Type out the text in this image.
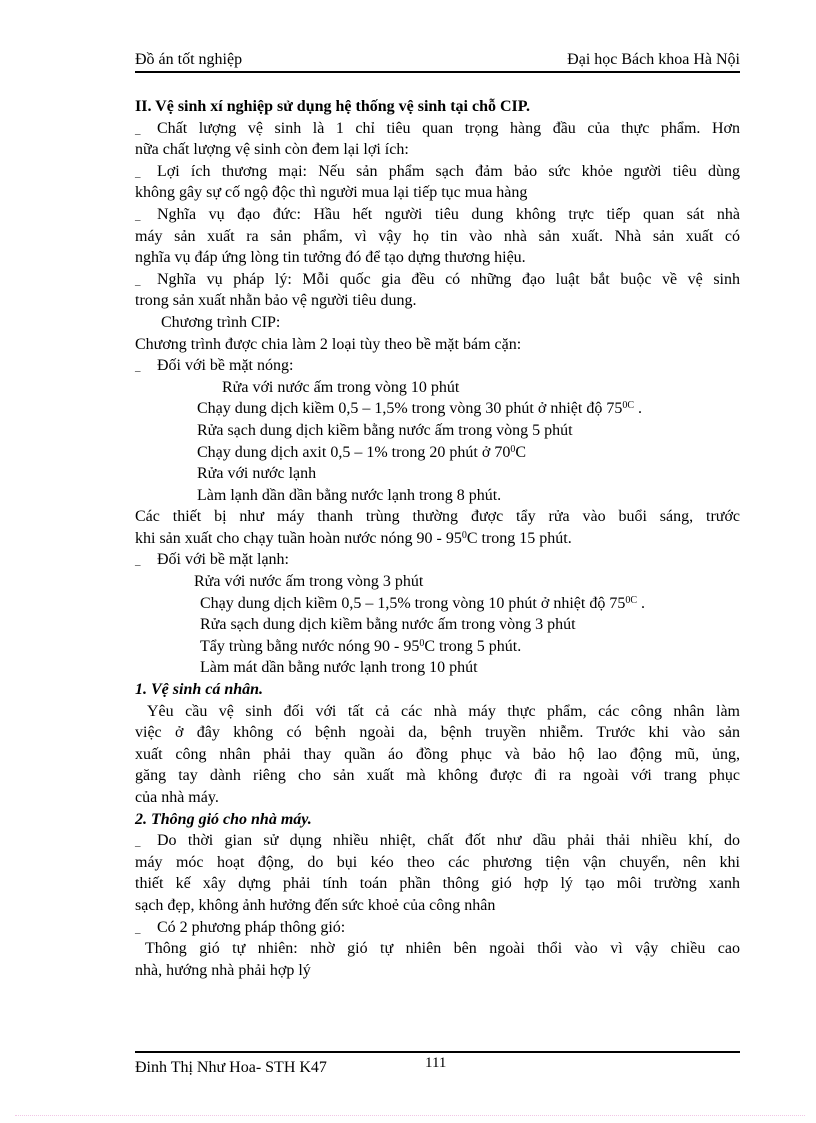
Đồ án tốt nghiệp	Đại học Bách khoa Hà Nội
II. Vệ sinh xí nghiệp sử dụng hệ thống vệ sinh tại chỗ CIP.
_ Chất lượng vệ sinh là 1 chỉ tiêu quan trọng hàng đầu của thực phẩm. Hơn
nữa chất lượng vệ sinh còn đem lại lợi ích:
_ Lợi ích thương mại: Nếu sản phẩm sạch đảm bảo sức khỏe người tiêu dùng
không gây sự cố ngộ độc thì người mua lại tiếp tục mua hàng
_ Nghĩa vụ đạo đức: Hầu hết người tiêu dung không trực tiếp quan sát nhà
máy sản xuất ra sản phẩm, vì vậy họ tin vào nhà sản xuất. Nhà sản xuất có
nghĩa vụ đáp ứng lòng tin tưởng đó để tạo dựng thương hiệu.
_ Nghĩa vụ pháp lý: Mỗi quốc gia đều có những đạo luật bắt buộc về vệ sinh
trong sản xuất nhằn bảo vệ người tiêu dung.
Chương trình CIP:
Chương trình được chia làm 2 loại tùy theo bề mặt bám cặn:
_ Đối với bề mặt nóng:
Rửa với nước ấm trong vòng 10 phút
Chạy dung dịch kiềm 0,5 – 1,5% trong vòng 30 phút ở nhiệt độ $75^{0C}$ .
Rửa sạch dung dịch kiềm bằng nước ấm trong vòng 5 phút
Chạy dung dịch axit 0,5 – 1% trong 20 phút ở $70^0C$
Rửa với nước lạnh
Làm lạnh dần dần bằng nước lạnh trong 8 phút.
Các thiết bị như máy thanh trùng thường được tẩy rửa vào buổi sáng, trước
khi sản xuất cho chạy tuần hoàn nước nóng $90 - 95^0C$ trong 15 phút.
_ Đối với bề mặt lạnh:
Rửa với nước ấm trong vòng 3 phút
Chạy dung dịch kiềm 0,5 – 1,5% trong vòng 10 phút ở nhiệt độ $75^{0C}$ .
Rửa sạch dung dịch kiềm bằng nước ấm trong vòng 3 phút
Tẩy trùng bằng nước nóng $90 - 95^0C$ trong 5 phút.
Làm mát dần bằng nước lạnh trong 10 phút
1. Vệ sinh cá nhân.
Yêu cầu vệ sinh đối với tất cả các nhà máy thực phẩm, các công nhân làm
việc ở đây không có bệnh ngoài da, bệnh truyền nhiễm. Trước khi vào sản
xuất công nhân phải thay quần áo đồng phục và bảo hộ lao động mũ, ủng,
găng tay dành riêng cho sản xuất mà không được đi ra ngoài với trang phục
của nhà máy.
2. Thông gió cho nhà máy.
_ Do thời gian sử dụng nhiều nhiệt, chất đốt như dầu phải thải nhiều khí, do
máy móc hoạt động, do bụi kéo theo các phương tiện vận chuyển, nên khi
thiết kế xây dựng phải tính toán phần thông gió hợp lý tạo môi trường xanh
sạch đẹp, không ảnh hưởng đến sức khoẻ của công nhân
_ Có 2 phương pháp thông gió:
Thông gió tự nhiên: nhờ gió tự nhiên bên ngoài thổi vào vì vậy chiều cao
nhà, hướng nhà phải hợp lý
Đinh Thị Như Hoa- STH K47	111
